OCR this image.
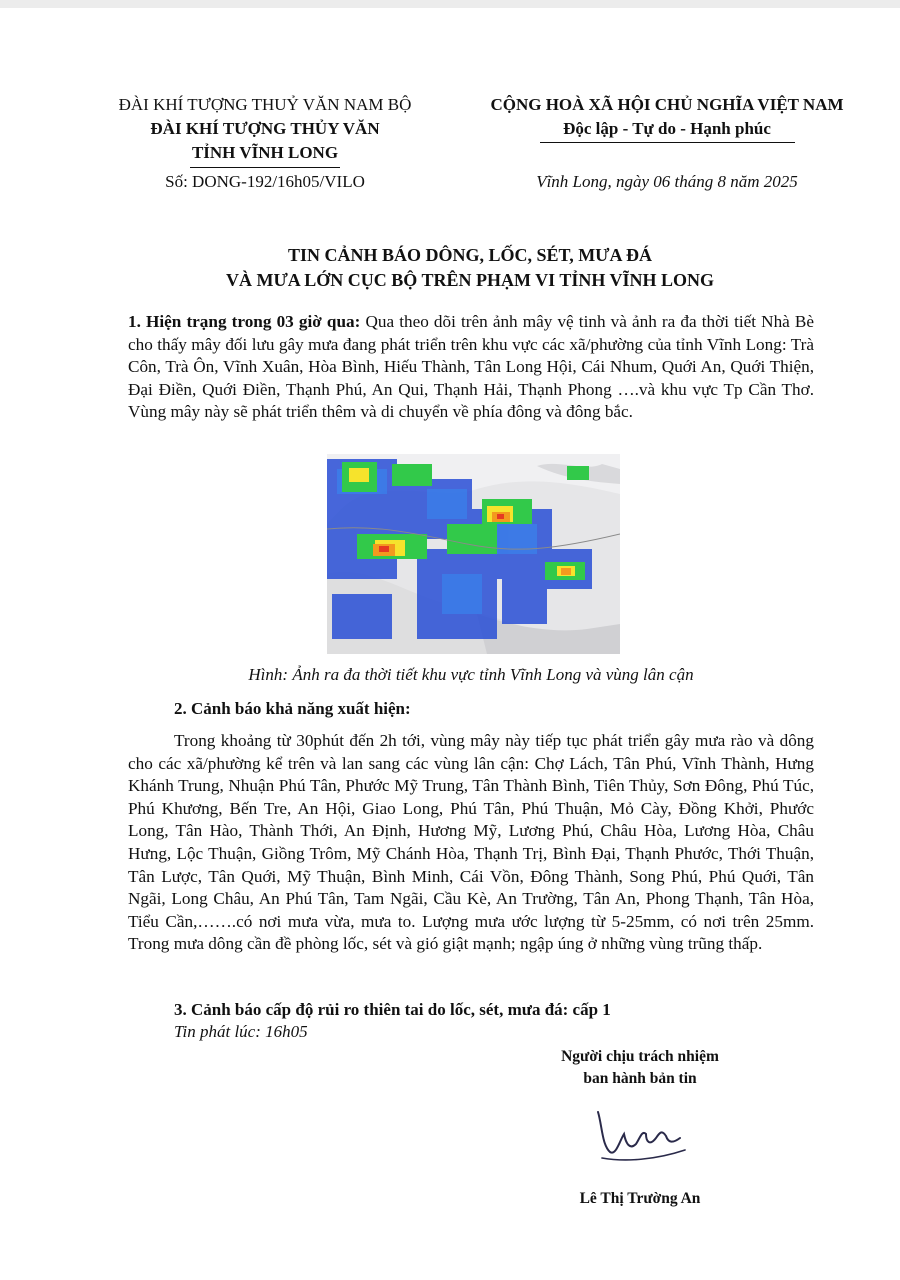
ĐÀI KHÍ TƯỢNG THUỶ VĂN NAM BỘ

ĐÀI KHÍ TƯỢNG THỦY VĂN

TỈNH VĨNH LONG

Số: DONG-192/16h05/VILO

CỘNG HOÀ XÃ HỘI CHỦ NGHĨA VIỆT NAM

Độc lập - Tự do - Hạnh phúc

Vĩnh Long, ngày 06 tháng 8 năm 2025
TIN CẢNH BÁO DÔNG, LỐC, SÉT, MƯA ĐÁ
VÀ MƯA LỚN CỤC BỘ TRÊN PHẠM VI TỈNH VĨNH LONG

1. Hiện trạng trong 03 giờ qua: Qua theo dõi trên ảnh mây vệ tinh và ảnh ra đa thời tiết Nhà Bè cho thấy mây đối lưu gây mưa đang phát triển trên khu vực các xã/phường của tỉnh Vĩnh Long: Trà Côn, Trà Ôn, Vĩnh Xuân, Hòa Bình, Hiếu Thành, Tân Long Hội, Cái Nhum, Quới An, Quới Thiện, Đại Điền, Quới Điền, Thạnh Phú, An Qui, Thạnh Hải, Thạnh Phong ….và khu vực Tp Cần Thơ. Vùng mây này sẽ phát triển thêm và di chuyển về phía đông và đông bắc.

Hình: Ảnh ra đa thời tiết khu vực tỉnh Vĩnh Long và vùng lân cận

2. Cảnh báo khả năng xuất hiện:

Trong khoảng từ 30phút đến 2h tới, vùng mây này tiếp tục phát triển gây mưa rào và dông cho các xã/phường kể trên và lan sang các vùng lân cận: Chợ Lách, Tân Phú, Vĩnh Thành, Hưng Khánh Trung, Nhuận Phú Tân, Phước Mỹ Trung, Tân Thành Bình, Tiên Thủy, Sơn Đông, Phú Túc, Phú Khương, Bến Tre, An Hội, Giao Long, Phú Tân, Phú Thuận, Mỏ Cày, Đồng Khởi, Phước Long, Tân Hào, Thành Thới, An Định, Hương Mỹ, Lương Phú, Châu Hòa, Lương Hòa, Châu Hưng, Lộc Thuận, Giồng Trôm, Mỹ Chánh Hòa, Thạnh Trị, Bình Đại, Thạnh Phước, Thới Thuận, Tân Lược, Tân Quới, Mỹ Thuận, Bình Minh, Cái Vồn, Đông Thành, Song Phú, Phú Quới, Tân Ngãi, Long Châu, An Phú Tân, Tam Ngãi, Cầu Kè, An Trường, Tân An, Phong Thạnh, Tân Hòa, Tiểu Cần,…….có nơi mưa vừa, mưa to. Lượng mưa ước lượng từ 5-25mm, có nơi trên 25mm. Trong mưa dông cần đề phòng lốc, sét và gió giật mạnh; ngập úng ở những vùng trũng thấp.

3. Cảnh báo cấp độ rủi ro thiên tai do lốc, sét, mưa đá: cấp 1

Tin phát lúc: 16h05
Người chịu trách nhiệm
ban hành bản tin
Lê Thị Trường An
